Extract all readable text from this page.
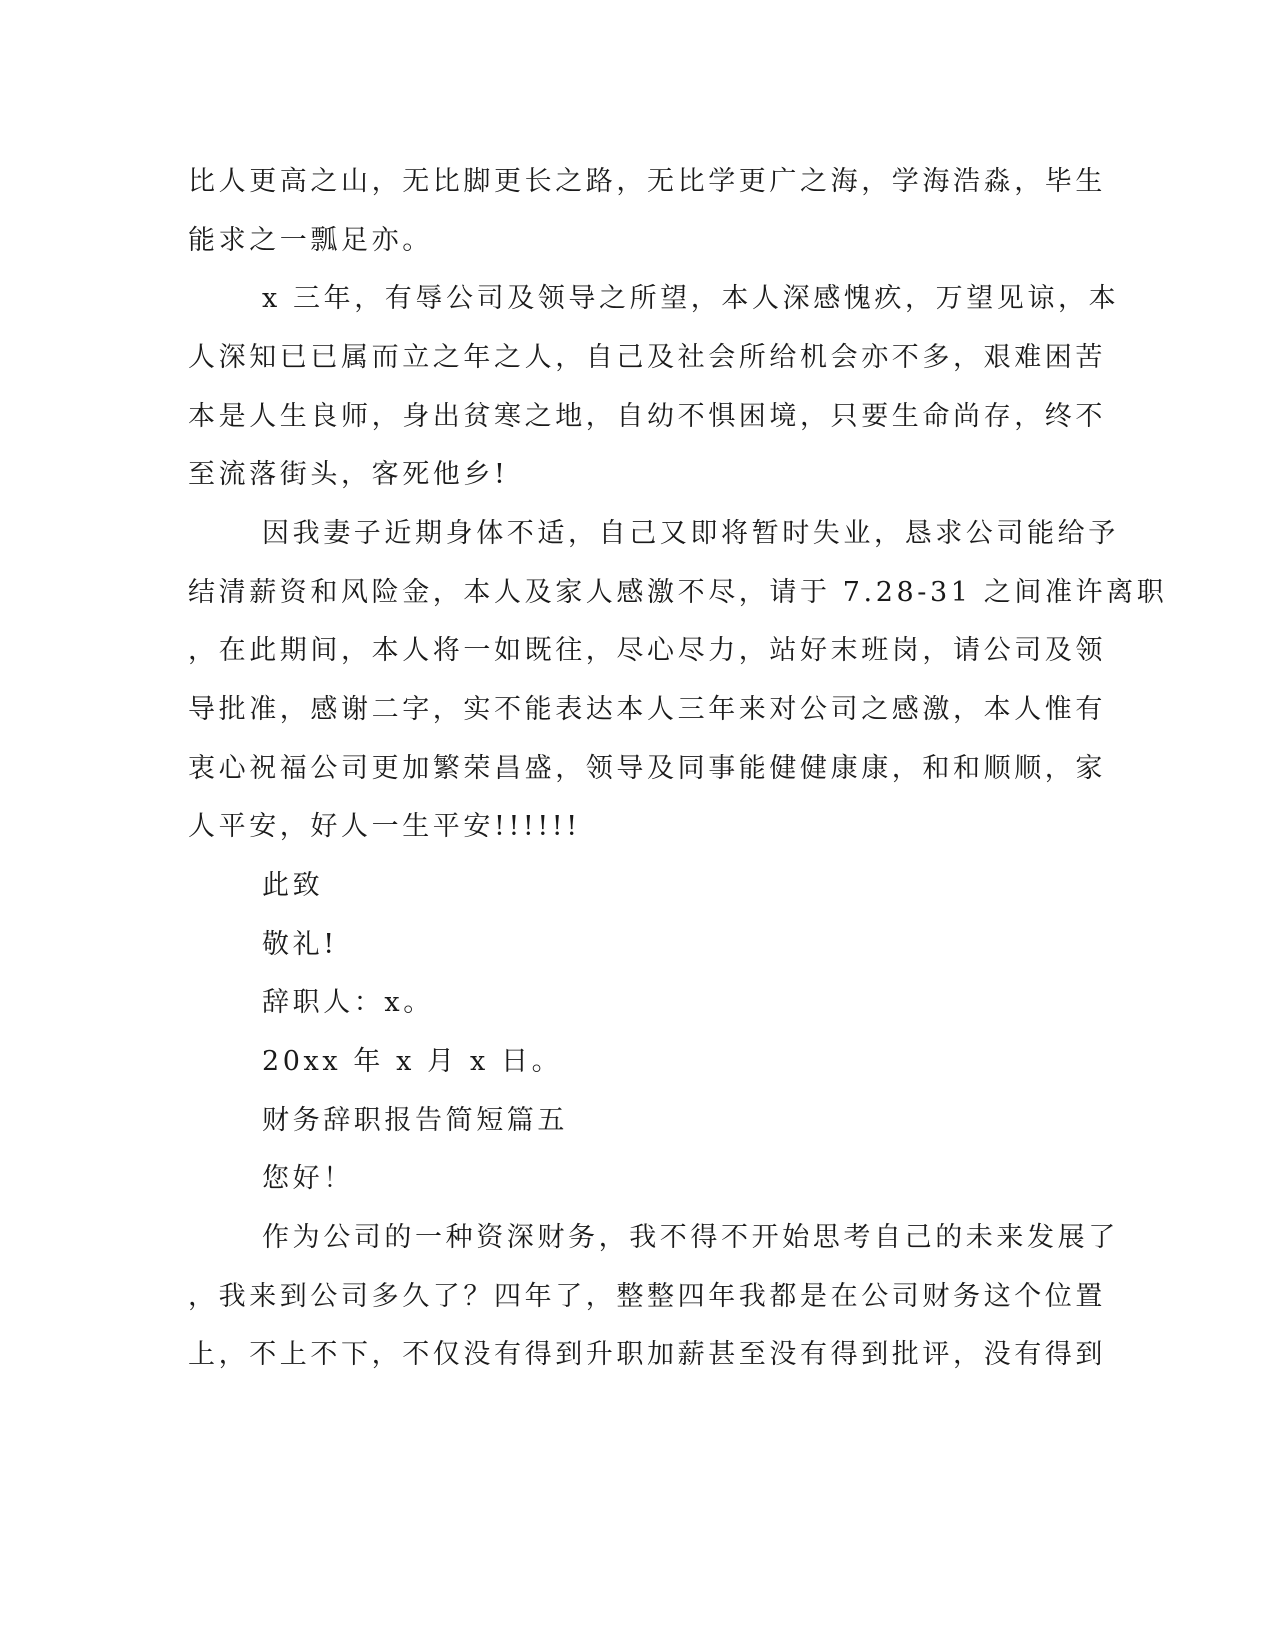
比人更高之山，无比脚更长之路，无比学更广之海，学海浩淼，毕生
能求之一瓢足亦。
x 三年，有辱公司及领导之所望，本人深感愧疚，万望见谅，本
人深知已已属而立之年之人，自己及社会所给机会亦不多，艰难困苦
本是人生良师，身出贫寒之地，自幼不惧困境，只要生命尚存，终不
至流落街头，客死他乡!
因我妻子近期身体不适，自己又即将暂时失业，恳求公司能给予
结清薪资和风险金，本人及家人感激不尽，请于 7.28-31 之间准许离职
，在此期间，本人将一如既往，尽心尽力，站好末班岗，请公司及领
导批准，感谢二字，实不能表达本人三年来对公司之感激，本人惟有
衷心祝福公司更加繁荣昌盛，领导及同事能健健康康，和和顺顺，家
人平安，好人一生平安!!!!!!
此致
敬礼!
辞职人：x。
20xx 年 x 月 x 日。
财务辞职报告简短篇五
您好！
作为公司的一种资深财务，我不得不开始思考自己的未来发展了
，我来到公司多久了？四年了，整整四年我都是在公司财务这个位置
上，不上不下，不仅没有得到升职加薪甚至没有得到批评，没有得到
